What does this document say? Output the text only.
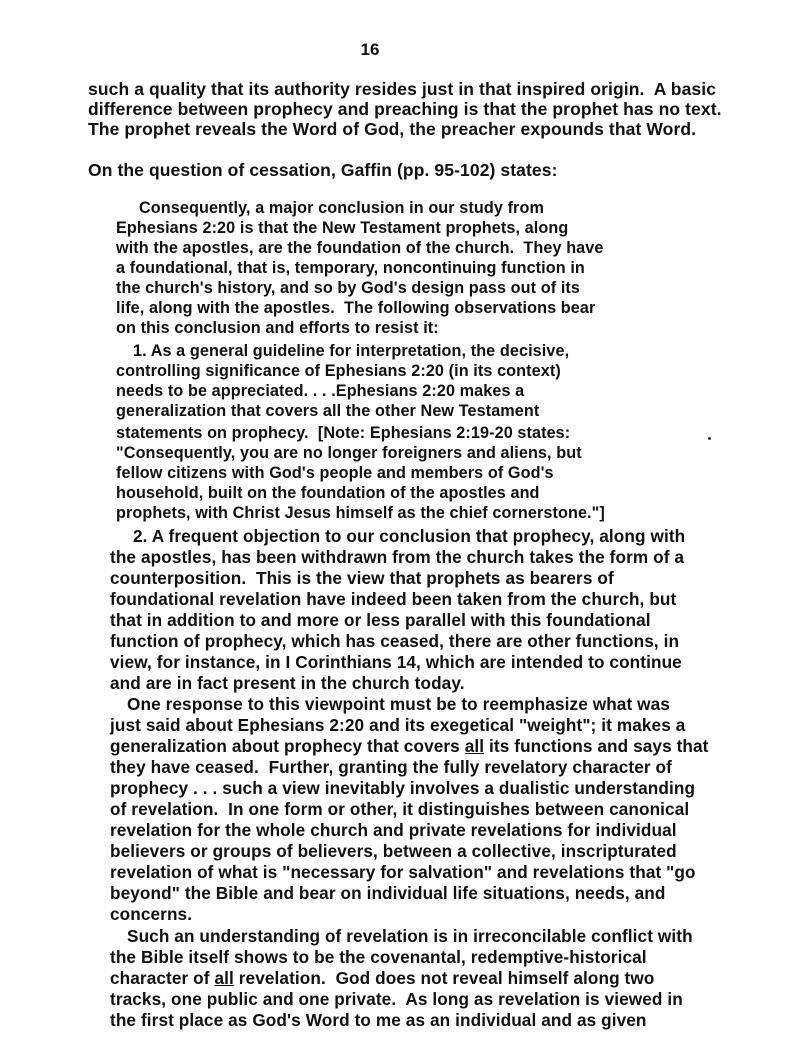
16
such a quality that its authority resides just in that inspired origin.  A basic
difference between prophecy and preaching is that the prophet has no text.
The prophet reveals the Word of God, the preacher expounds that Word.
On the question of cessation, Gaffin (pp. 95-102) states:
Consequently, a major conclusion in our study from
Ephesians 2:20 is that the New Testament prophets, along
with the apostles, are the foundation of the church.  They have
a foundational, that is, temporary, noncontinuing function in
the church's history, and so by God's design pass out of its
life, along with the apostles.  The following observations bear
on this conclusion and efforts to resist it:
1. As a general guideline for interpretation, the decisive,
controlling significance of Ephesians 2:20 (in its context)
needs to be appreciated. . . .Ephesians 2:20 makes a
generalization that covers all the other New Testament
statements on prophecy.  [Note: Ephesians 2:19-20 states:
"Consequently, you are no longer foreigners and aliens, but
fellow citizens with God's people and members of God's
household, built on the foundation of the apostles and
prophets, with Christ Jesus himself as the chief cornerstone."]
2. A frequent objection to our conclusion that prophecy, along with
the apostles, has been withdrawn from the church takes the form of a
counterposition.  This is the view that prophets as bearers of
foundational revelation have indeed been taken from the church, but
that in addition to and more or less parallel with this foundational
function of prophecy, which has ceased, there are other functions, in
view, for instance, in I Corinthians 14, which are intended to continue
and are in fact present in the church today.
One response to this viewpoint must be to reemphasize what was
just said about Ephesians 2:20 and its exegetical "weight"; it makes a
generalization about prophecy that covers all its functions and says that
they have ceased.  Further, granting the fully revelatory character of
prophecy . . . such a view inevitably involves a dualistic understanding
of revelation.  In one form or other, it distinguishes between canonical
revelation for the whole church and private revelations for individual
believers or groups of believers, between a collective, inscripturated
revelation of what is "necessary for salvation" and revelations that "go
beyond" the Bible and bear on individual life situations, needs, and
concerns.
Such an understanding of revelation is in irreconcilable conflict with
the Bible itself shows to be the covenantal, redemptive-historical
character of all revelation.  God does not reveal himself along two
tracks, one public and one private.  As long as revelation is viewed in
the first place as God's Word to me as an individual and as given
